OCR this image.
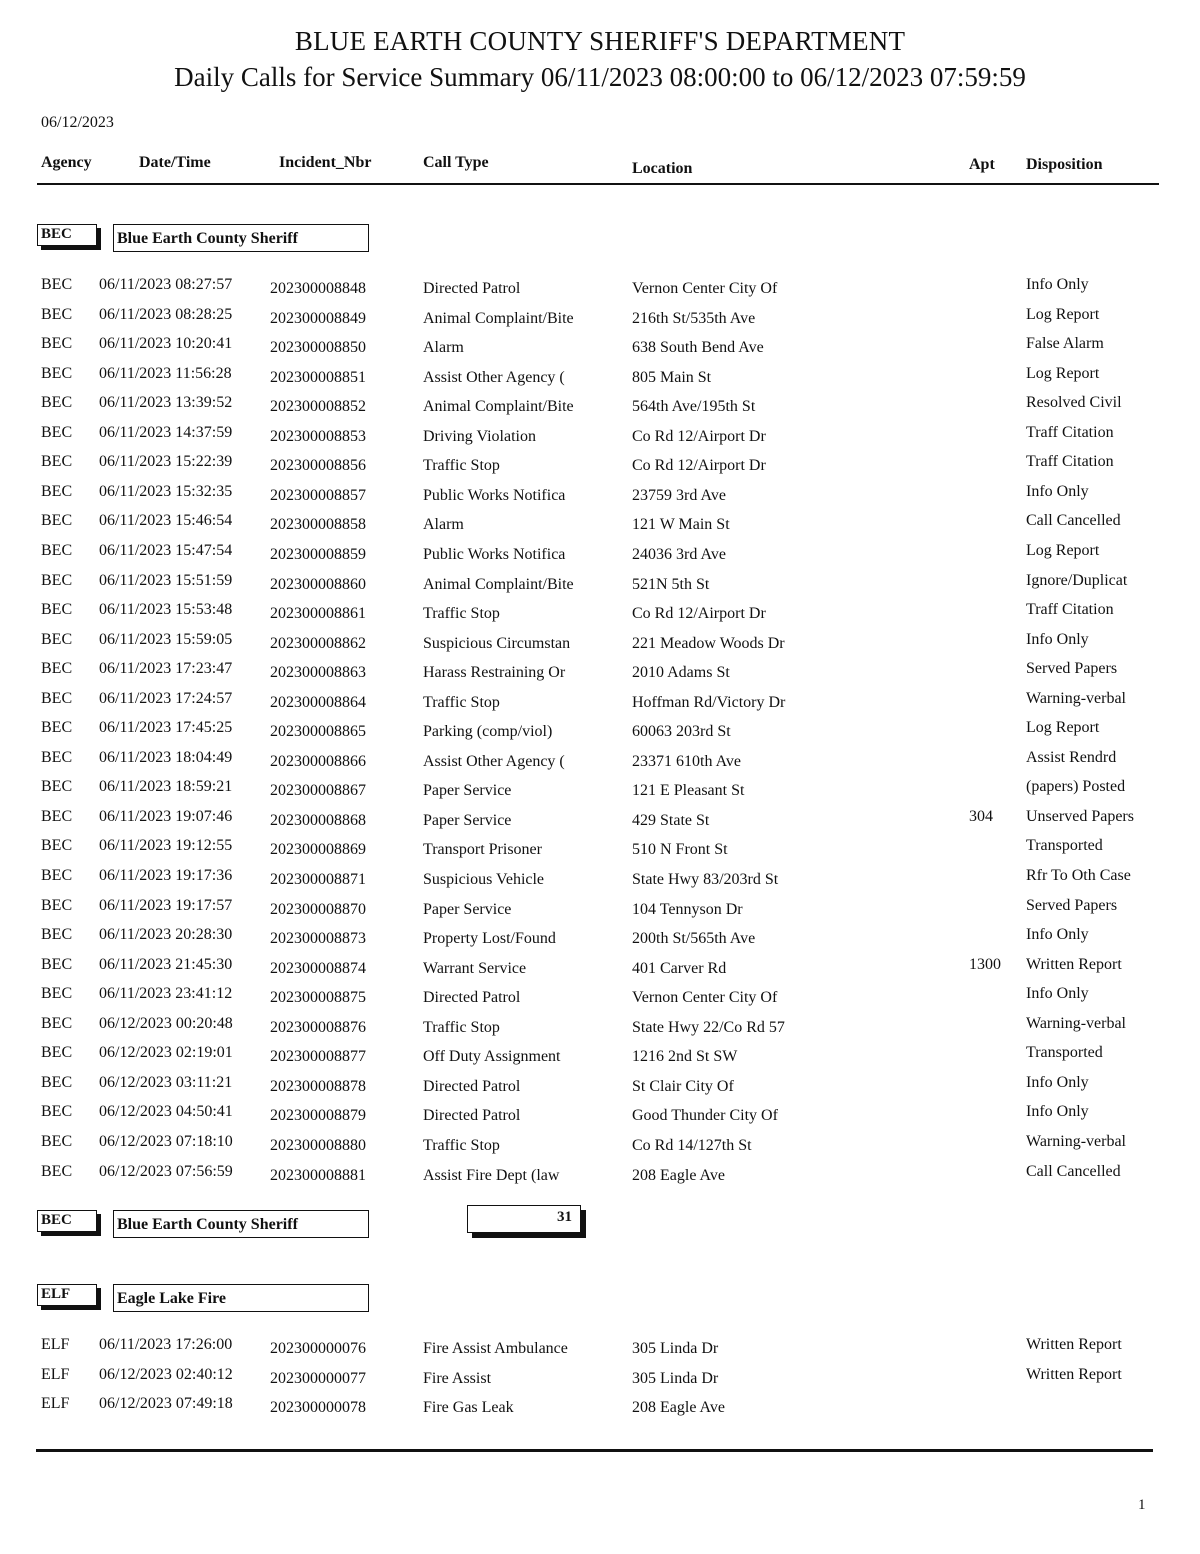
BLUE EARTH COUNTY SHERIFF'S DEPARTMENT
Daily Calls for Service Summary 06/11/2023 08:00:00 to 06/12/2023 07:59:59
06/12/2023
Agency	Date/Time	Incident_Nbr	Call Type	Location	Apt Disposition
BEC	Blue Earth County Sheriff
BEC 06/11/2023 08:27:57 202300008848	Directed Patrol	Vernon Center City Of	Info Only
BEC 06/11/2023 08:28:25 202300008849	Animal Complaint/Bite	216th St/535th Ave	Log Report
BEC 06/11/2023 10:20:41 202300008850	Alarm	638 South Bend Ave	False Alarm
BEC 06/11/2023 11:56:28 202300008851	Assist Other Agency (	805 Main St	Log Report
BEC 06/11/2023 13:39:52 202300008852	Animal Complaint/Bite	564th Ave/195th St	Resolved Civil
BEC 06/11/2023 14:37:59 202300008853	Driving Violation	Co Rd 12/Airport Dr	Traff Citation
BEC 06/11/2023 15:22:39 202300008856	Traffic Stop	Co Rd 12/Airport Dr	Traff Citation
BEC 06/11/2023 15:32:35 202300008857	Public Works Notifica	23759 3rd Ave	Info Only
BEC 06/11/2023 15:46:54 202300008858	Alarm	121 W Main St	Call Cancelled
BEC 06/11/2023 15:47:54 202300008859	Public Works Notifica	24036 3rd Ave	Log Report
BEC 06/11/2023 15:51:59 202300008860	Animal Complaint/Bite	521N 5th St	Ignore/Duplicat
BEC 06/11/2023 15:53:48 202300008861	Traffic Stop	Co Rd 12/Airport Dr	Traff Citation
BEC 06/11/2023 15:59:05 202300008862	Suspicious Circumstan	221 Meadow Woods Dr	Info Only
BEC 06/11/2023 17:23:47 202300008863	Harass Restraining Or	2010 Adams St	Served Papers
BEC 06/11/2023 17:24:57 202300008864	Traffic Stop	Hoffman Rd/Victory Dr	Warning-verbal
BEC 06/11/2023 17:45:25 202300008865	Parking (comp/viol)	60063 203rd St	Log Report
BEC 06/11/2023 18:04:49 202300008866	Assist Other Agency (	23371 610th Ave	Assist Rendrd
BEC 06/11/2023 18:59:21 202300008867	Paper Service	121 E Pleasant St	(papers) Posted
BEC 06/11/2023 19:07:46 202300008868	Paper Service	429 State St	304 Unserved Papers
BEC 06/11/2023 19:12:55 202300008869	Transport Prisoner	510 N Front St	Transported
BEC 06/11/2023 19:17:36 202300008871	Suspicious Vehicle	State Hwy 83/203rd St	Rfr To Oth Case
BEC 06/11/2023 19:17:57 202300008870	Paper Service	104 Tennyson Dr	Served Papers
BEC 06/11/2023 20:28:30 202300008873	Property Lost/Found	200th St/565th Ave	Info Only
BEC 06/11/2023 21:45:30 202300008874	Warrant Service	401 Carver Rd	1300 Written Report
BEC 06/11/2023 23:41:12 202300008875	Directed Patrol	Vernon Center City Of	Info Only
BEC 06/12/2023 00:20:48 202300008876	Traffic Stop	State Hwy 22/Co Rd 57	Warning-verbal
BEC 06/12/2023 02:19:01 202300008877	Off Duty Assignment	1216 2nd St SW	Transported
BEC 06/12/2023 03:11:21 202300008878	Directed Patrol	St Clair City Of	Info Only
BEC 06/12/2023 04:50:41 202300008879	Directed Patrol	Good Thunder City Of	Info Only
BEC 06/12/2023 07:18:10 202300008880	Traffic Stop	Co Rd 14/127th St	Warning-verbal
BEC 06/12/2023 07:56:59 202300008881	Assist Fire Dept (law	208 Eagle Ave	Call Cancelled
BEC	Blue Earth County Sheriff	31
ELF	Eagle Lake Fire
ELF 06/11/2023 17:26:00 202300000076	Fire Assist Ambulance	305 Linda Dr	Written Report
ELF 06/12/2023 02:40:12 202300000077	Fire Assist	305 Linda Dr	Written Report
ELF 06/12/2023 07:49:18 202300000078	Fire Gas Leak	208 Eagle Ave
1
